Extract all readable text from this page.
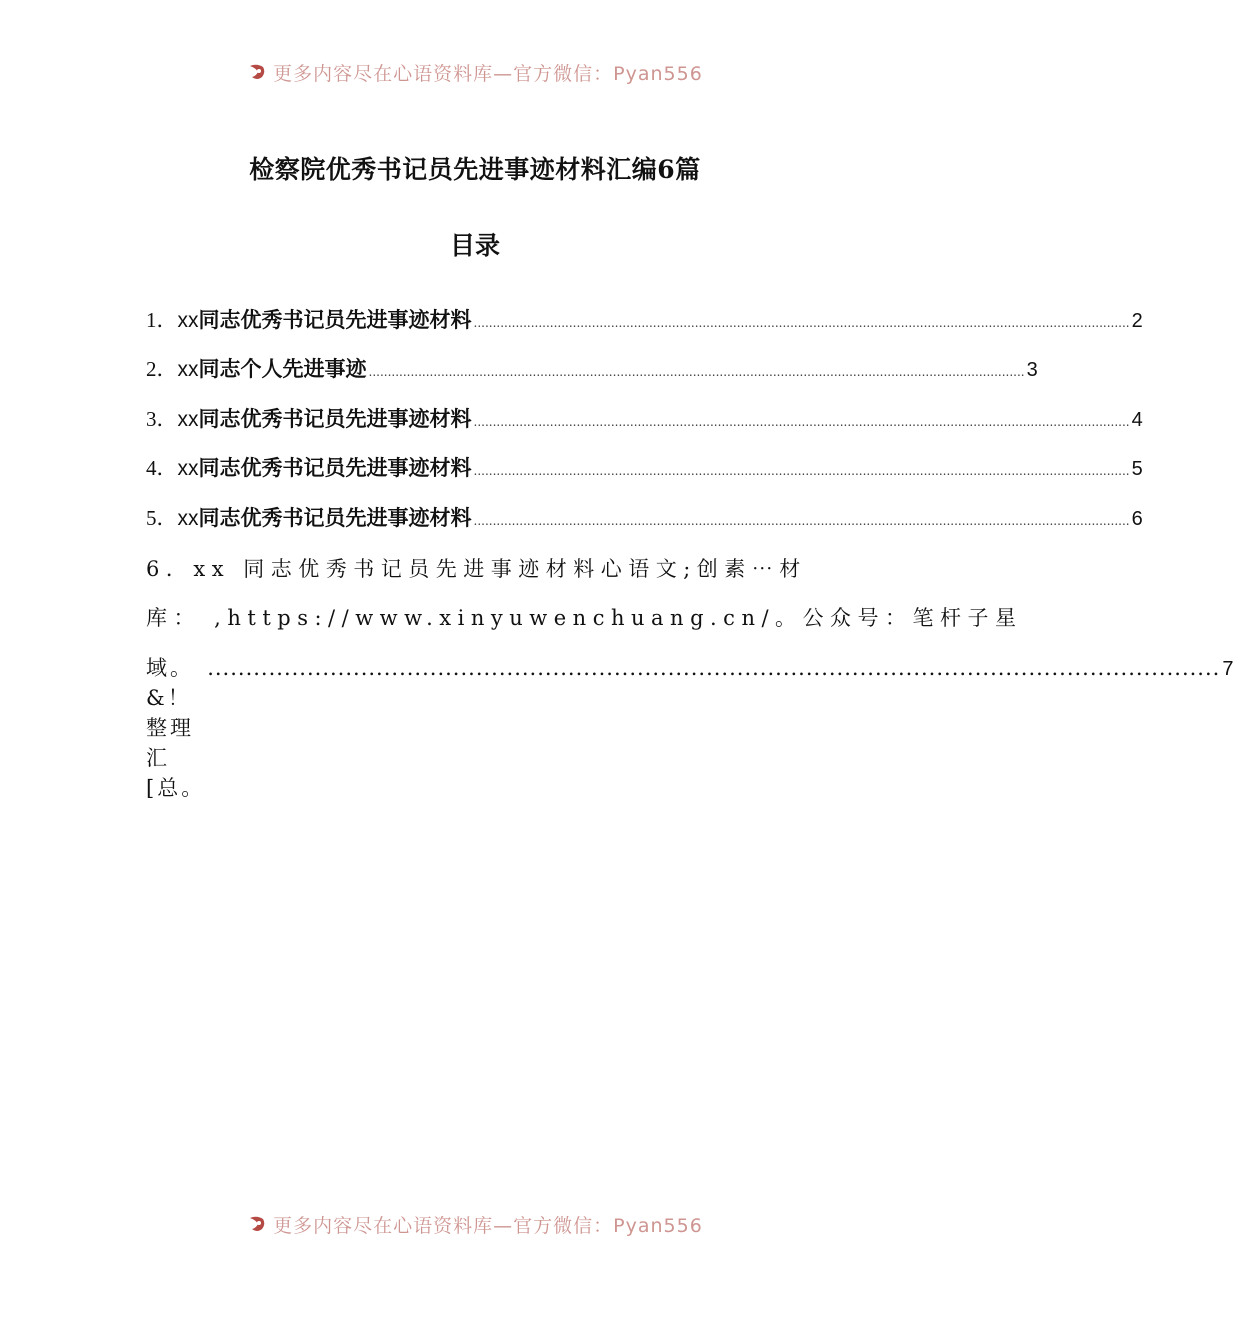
更多内容尽在心语资料库—官方微信：Pyan556
检察院优秀书记员先进事迹材料汇编6篇
目录
1． xx 同志优秀书记员先进事迹材料 ............................................................................................................................................................................ 2
2． xx 同志个人先进事迹 ............................................................................................................................................................................ 3
3． xx 同志优秀书记员先进事迹材料 ............................................................................................................................................................................ 4
4． xx 同志优秀书记员先进事迹材料 ............................................................................................................................................................................ 5
5． xx 同志优秀书记员先进事迹材料 ............................................................................................................................................................................ 6
6．xx 同志优秀书记员先进事迹材料心语文;创素⋯材
库： ,https://www.xinyuwenchuang.cn/。公众号：笔杆子星
域。&！整理汇[总。
.................................................................................................................................... 7
更多内容尽在心语资料库—官方微信：Pyan556
